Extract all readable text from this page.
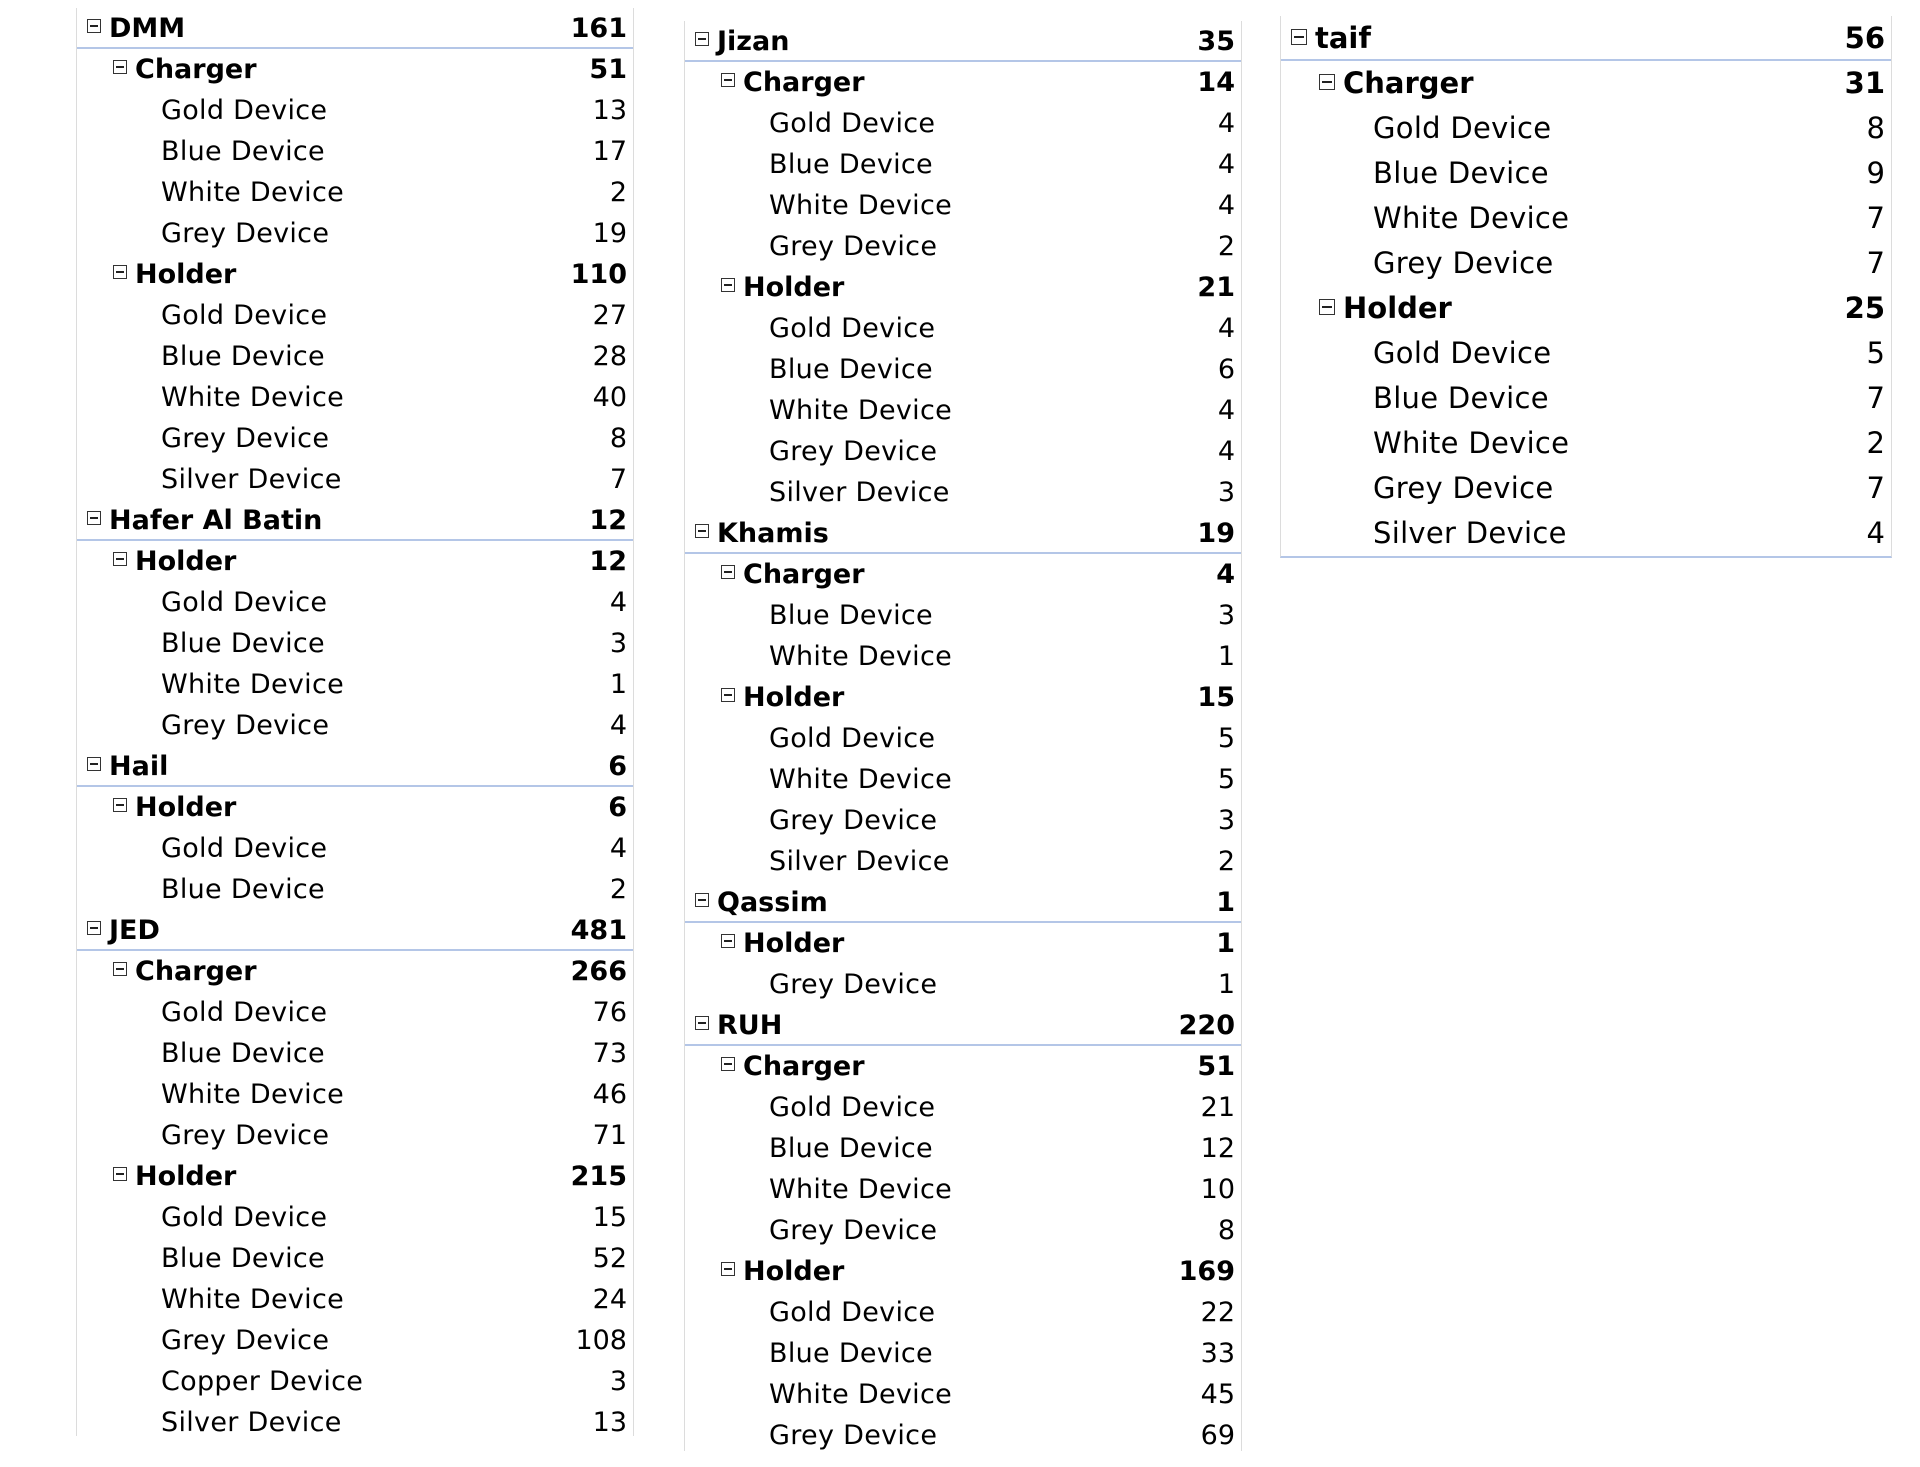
DMM	161
Charger	51
Gold Device	13
Blue Device	17
White Device	2
Grey Device	19
Holder	110
Gold Device	27
Blue Device	28
White Device	40
Grey Device	8
Silver Device	7
Hafer Al Batin	12
Holder	12
Gold Device	4
Blue Device	3
White Device	1
Grey Device	4
Hail	6
Holder	6
Gold Device	4
Blue Device	2
JED	481
Charger	266
Gold Device	76
Blue Device	73
White Device	46
Grey Device	71
Holder	215
Gold Device	15
Blue Device	52
White Device	24
Grey Device	108
Copper Device	3
Silver Device	13
Jizan	35
Charger	14
Gold Device	4
Blue Device	4
White Device	4
Grey Device	2
Holder	21
Gold Device	4
Blue Device	6
White Device	4
Grey Device	4
Silver Device	3
Khamis	19
Charger	4
Blue Device	3
White Device	1
Holder	15
Gold Device	5
White Device	5
Grey Device	3
Silver Device	2
Qassim	1
Holder	1
Grey Device	1
RUH	220
Charger	51
Gold Device	21
Blue Device	12
White Device	10
Grey Device	8
Holder	169
Gold Device	22
Blue Device	33
White Device	45
Grey Device	69
taif	56
Charger	31
Gold Device	8
Blue Device	9
White Device	7
Grey Device	7
Holder	25
Gold Device	5
Blue Device	7
White Device	2
Grey Device	7
Silver Device	4
